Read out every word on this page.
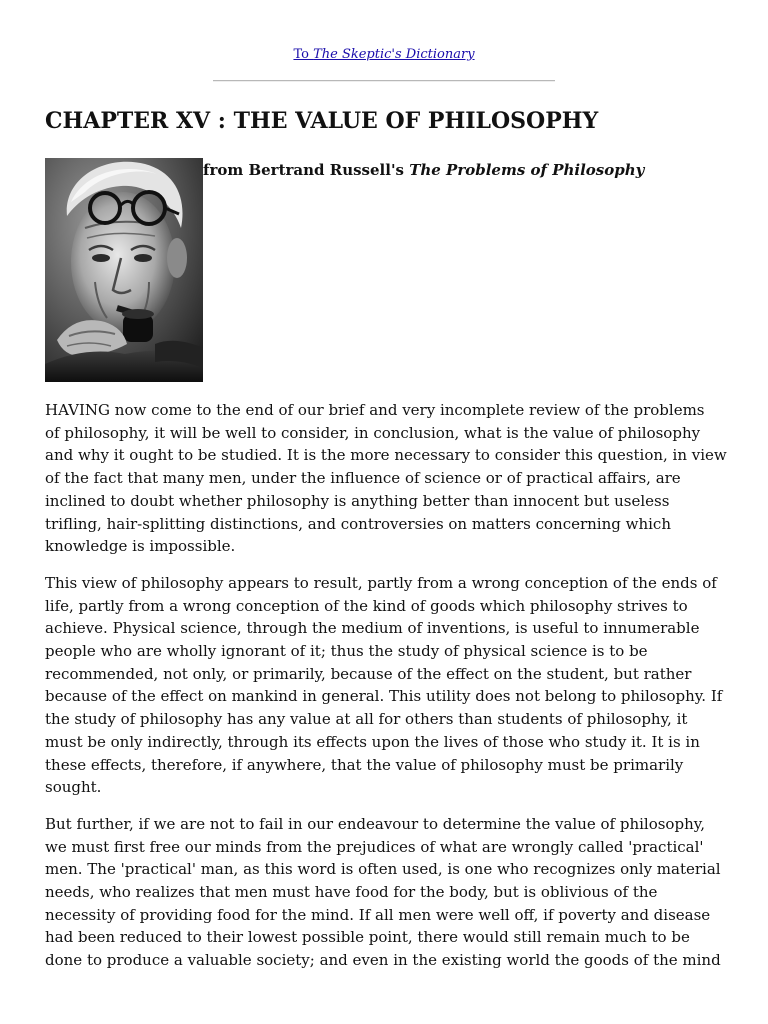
To The Skeptic's Dictionary
CHAPTER XV : THE VALUE OF PHILOSOPHY

from Bertrand Russell's The Problems of Philosophy

HAVING now come to the end of our brief and very incomplete review of the problems
of philosophy, it will be well to consider, in conclusion, what is the value of philosophy
and why it ought to be studied. It is the more necessary to consider this question, in view
of the fact that many men, under the influence of science or of practical affairs, are
inclined to doubt whether philosophy is anything better than innocent but useless
trifling, hair-splitting distinctions, and controversies on matters concerning which
knowledge is impossible.

This view of philosophy appears to result, partly from a wrong conception of the ends of
life, partly from a wrong conception of the kind of goods which philosophy strives to
achieve. Physical science, through the medium of inventions, is useful to innumerable
people who are wholly ignorant of it; thus the study of physical science is to be
recommended, not only, or primarily, because of the effect on the student, but rather
because of the effect on mankind in general. This utility does not belong to philosophy. If
the study of philosophy has any value at all for others than students of philosophy, it
must be only indirectly, through its effects upon the lives of those who study it. It is in
these effects, therefore, if anywhere, that the value of philosophy must be primarily
sought.

But further, if we are not to fail in our endeavour to determine the value of philosophy,
we must first free our minds from the prejudices of what are wrongly called 'practical'
men. The 'practical' man, as this word is often used, is one who recognizes only material
needs, who realizes that men must have food for the body, but is oblivious of the
necessity of providing food for the mind. If all men were well off, if poverty and disease
had been reduced to their lowest possible point, there would still remain much to be
done to produce a valuable society; and even in the existing world the goods of the mind
